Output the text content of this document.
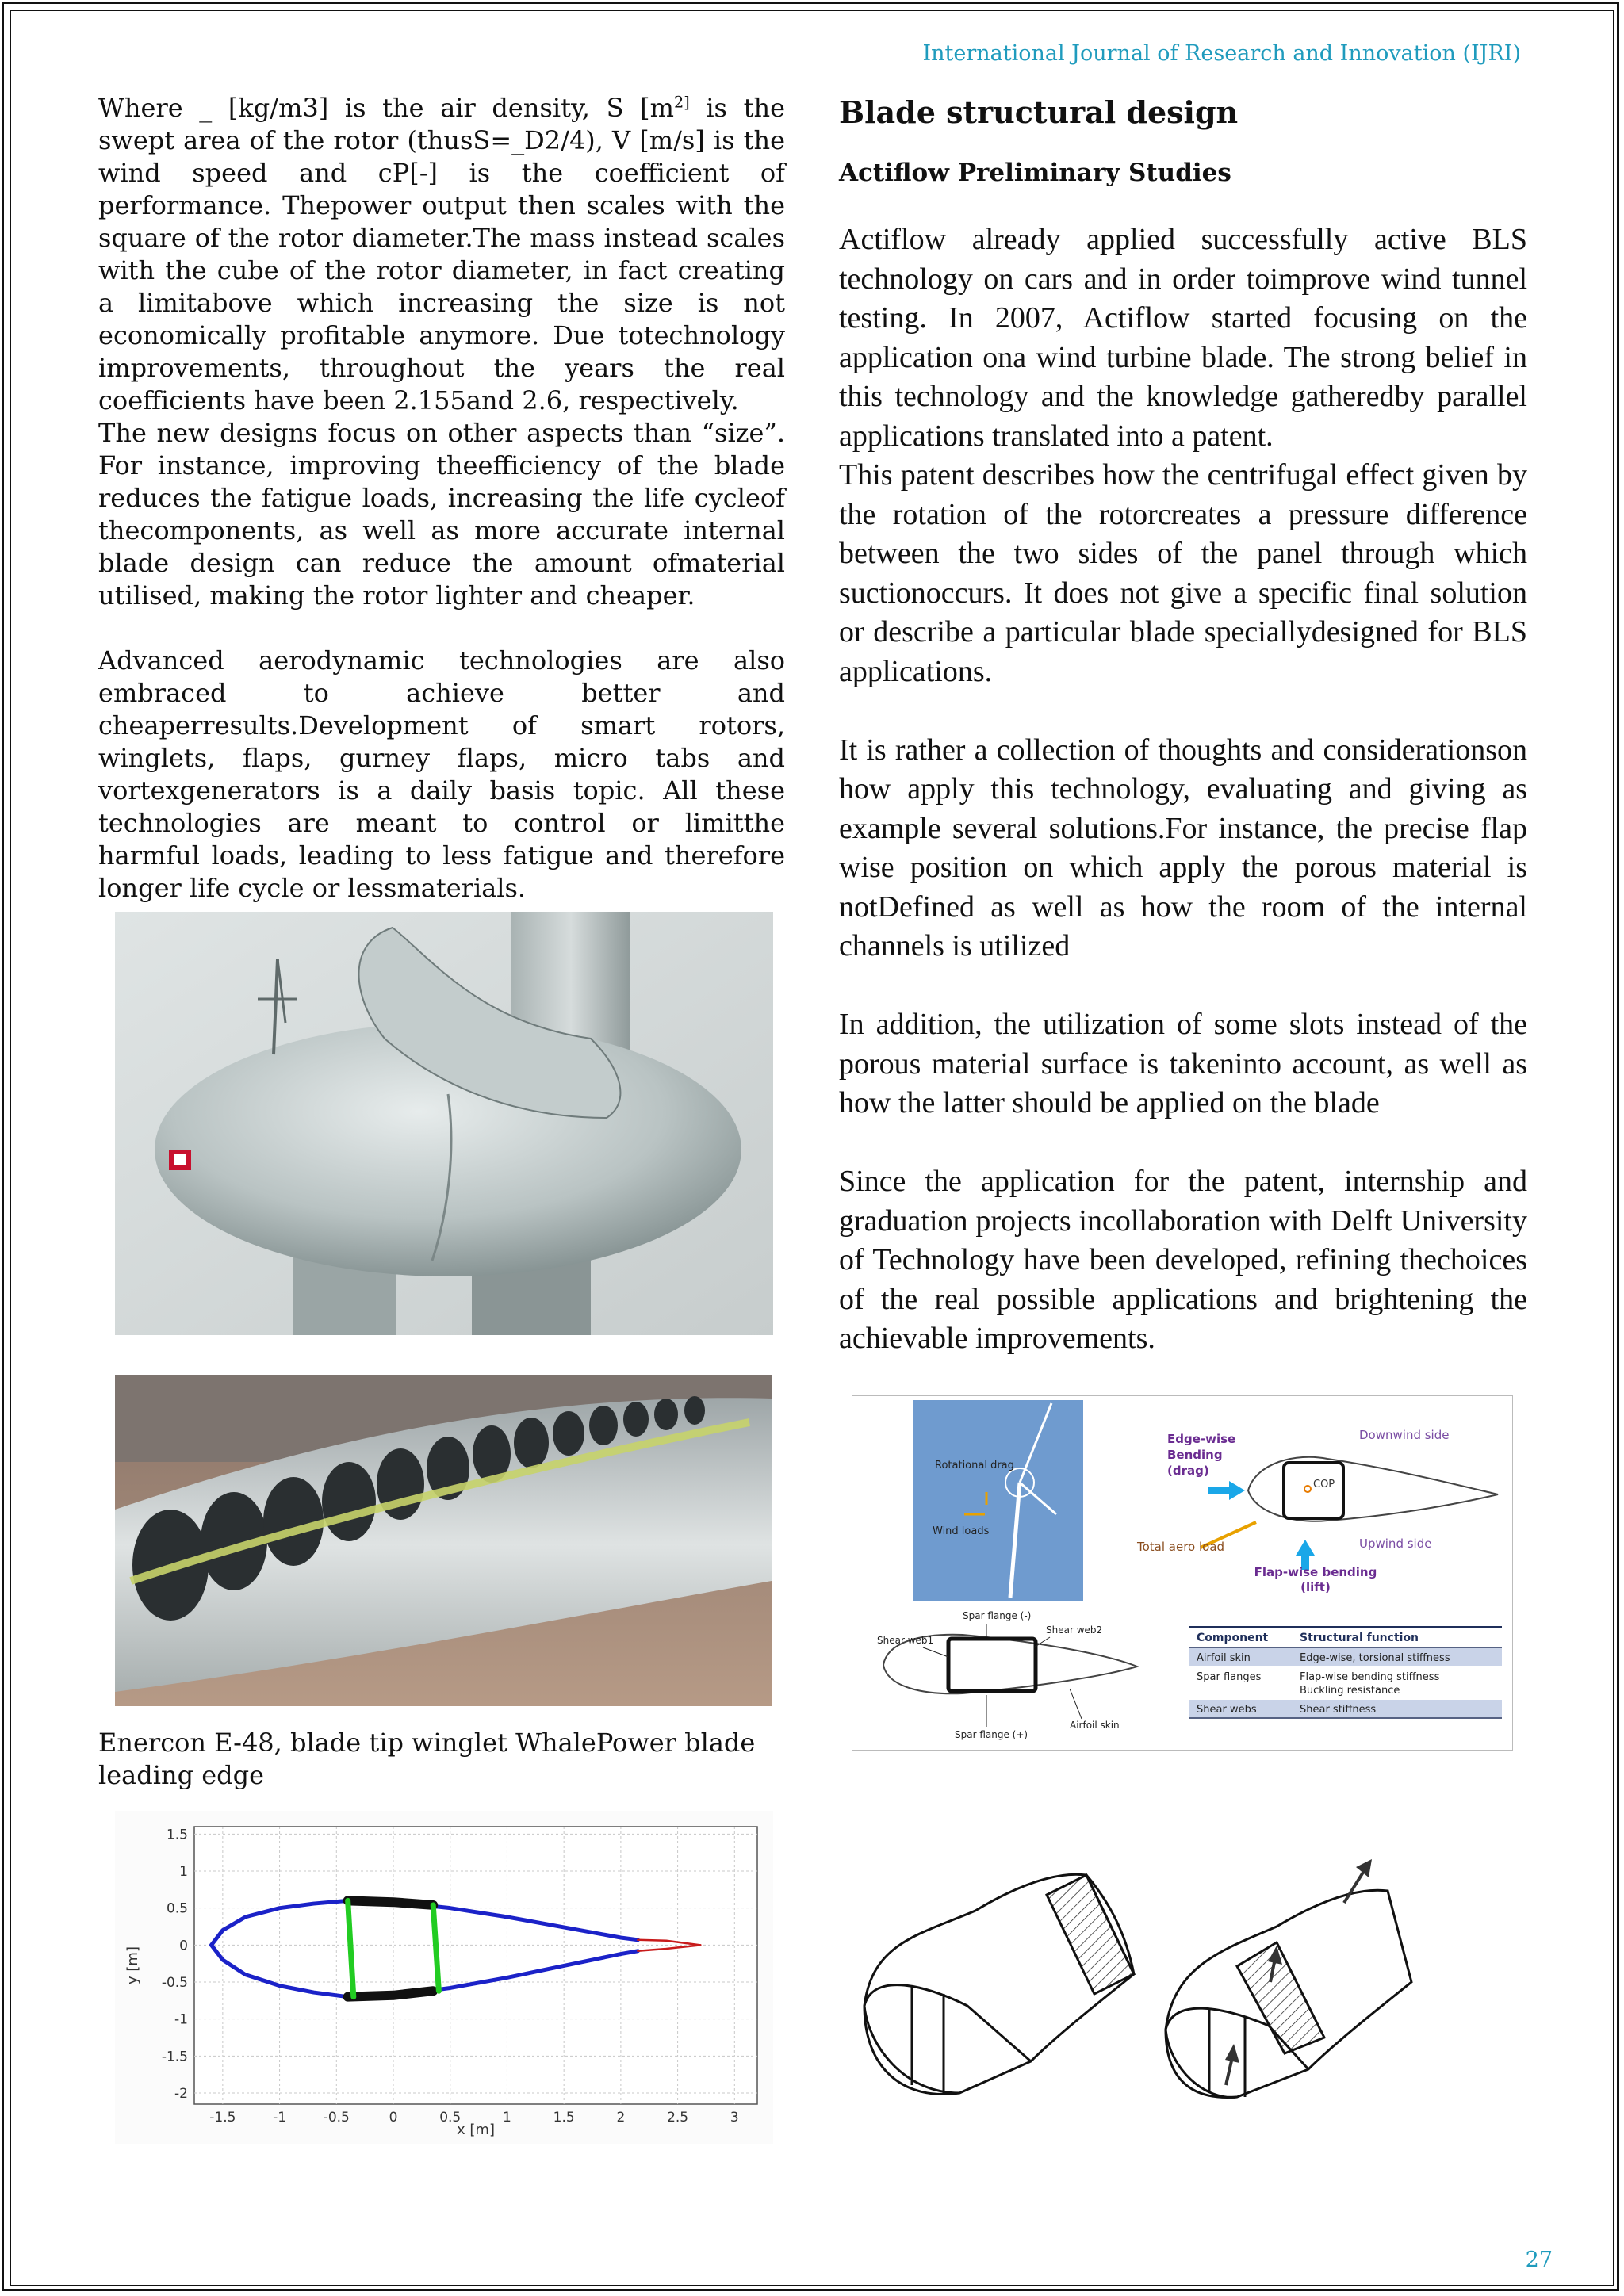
International Journal of Research and Innovation (IJRI)

Where _ [kg/m3] is the air density, S [$m^{2]}$ is the swept area of the rotor (thusS=_D2/4), V [m/s] is the wind speed and cP[-] is the coefficient of performance. Thepower output then scales with the square of the rotor diameter.The mass instead scales with the cube of the rotor diameter, in fact creating a limitabove which increasing the size is not economically profitable anymore. Due totechnology improvements, throughout the years the real coefficients have been 2.155and 2.6, respectively.

The new designs focus on other aspects than “size”. For instance, improving theefficiency of the blade reduces the fatigue loads, increasing the life cycleof thecomponents, as well as more accurate internal blade design can reduce the amount ofmaterial utilised, making the rotor lighter and cheaper.

Advanced aerodynamic technologies are also embraced to achieve better and cheaperresults.Development of smart rotors, winglets, flaps, gurney flaps, micro tabs and vortexgenerators is a daily basis topic. All these technologies are meant to control or limitthe harmful loads, leading to less fatigue and therefore longer life cycle or lessmaterials.

Blade structural design
Actiflow Preliminary Studies

Actiflow already applied successfully active BLS technology on cars and in order toimprove wind tunnel testing. In 2007, Actiflow started focusing on the application ona wind turbine blade. The strong belief in this technology and the knowledge gatheredby parallel applications translated into a patent.

This patent describes how the centrifugal effect given by the rotation of the rotorcreates a pressure difference between the two sides of the panel through which suctionoccurs. It does not give a specific final solution or describe a particular blade speciallydesigned for BLS applications.

It is rather a collection of thoughts and considerationson how apply this technology, evaluating and giving as example several solutions.For instance, the precise flap wise position on which apply the porous material is notDefined as well as how the room of the internal channels is utilized

In addition, the utilization of some slots instead of the porous material surface is takeninto account, as well as how the latter should be applied on the blade

Since the application for the patent, internship and graduation projects incollaboration with Delft University of Technology have been developed, refining thechoices of the real possible applications and brightening the achievable improvements.

Enercon E-48, blade tip winglet WhalePower blade leading edge
-1.5	-1	-0.5	0	0.5	1	1.5	2	2.5	3
1.5
1
0.5
0
-0.5
-1
-1.5
-2
x [m]
y [m]
Rotational drag
Wind loads
Edge-wise
Bending
(drag)
Downwind side
Upwind side
COP
Total aero load
Flap-wise bending
(lift)
Spar flange (-)
Shear web2
Shear web1
Spar flange (+)
Airfoil skin
Component	Structural function
Airfoil skin	Edge-wise, torsional stiffness
Spar flanges	Flap-wise bending stiffness
Buckling resistance
Shear webs	Shear stiffness
27
